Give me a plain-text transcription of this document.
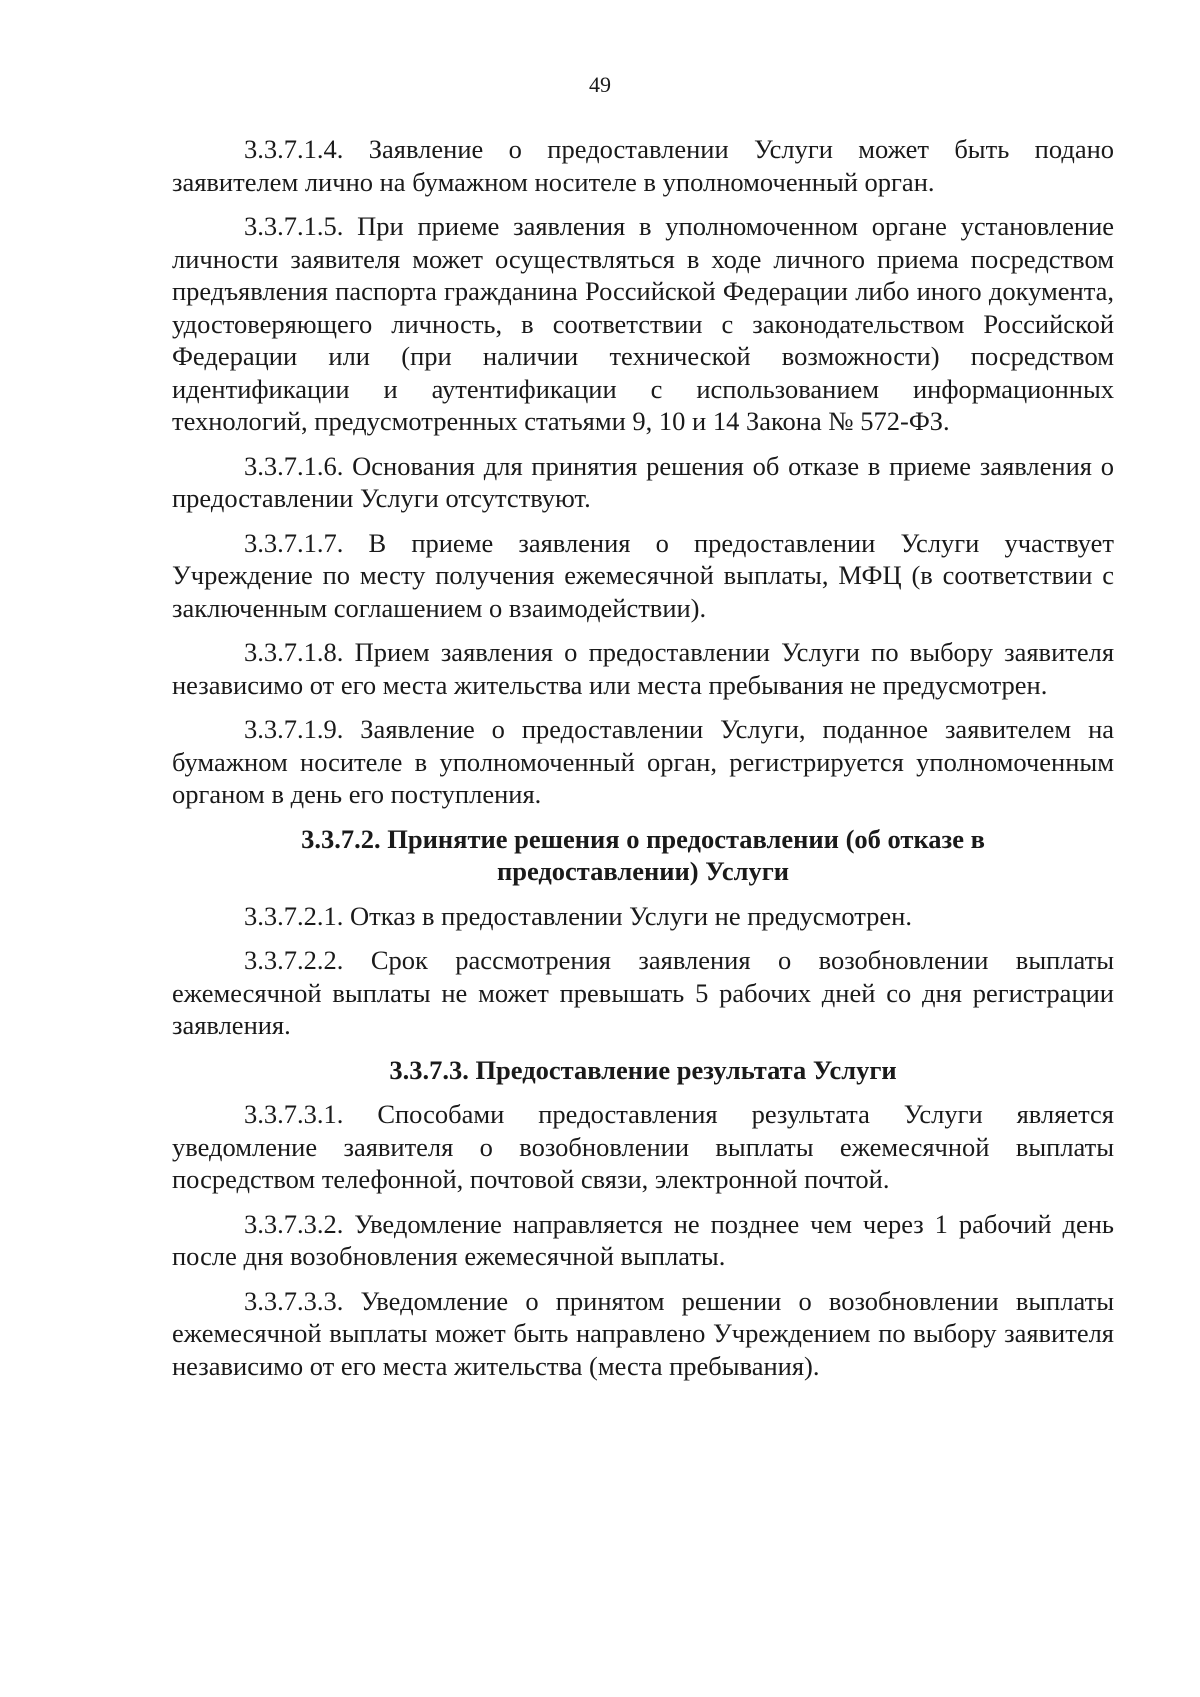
49

3.3.7.1.4. Заявление о предоставлении Услуги может быть подано заявителем лично на бумажном носителе в уполномоченный орган.

3.3.7.1.5. При приеме заявления в уполномоченном органе установление личности заявителя может осуществляться в ходе личного приема посредством предъявления паспорта гражданина Российской Федерации либо иного документа, удостоверяющего личность, в соответствии с законодательством Российской Федерации или (при наличии технической возможности) посредством идентификации и аутентификации с использованием информационных технологий, предусмотренных статьями 9, 10 и 14 Закона № 572-ФЗ.

3.3.7.1.6. Основания для принятия решения об отказе в приеме заявления о предоставлении Услуги отсутствуют.

3.3.7.1.7. В приеме заявления о предоставлении Услуги участвует Учреждение по месту получения ежемесячной выплаты, МФЦ (в соответствии с заключенным соглашением о взаимодействии).

3.3.7.1.8. Прием заявления о предоставлении Услуги по выбору заявителя независимо от его места жительства или места пребывания не предусмотрен.

3.3.7.1.9. Заявление о предоставлении Услуги, поданное заявителем на бумажном носителе в уполномоченный орган, регистрируется уполномоченным органом в день его поступления.

3.3.7.2. Принятие решения о предоставлении (об отказе в
предоставлении) Услуги

3.3.7.2.1. Отказ в предоставлении Услуги не предусмотрен.

3.3.7.2.2. Срок рассмотрения заявления о возобновлении выплаты ежемесячной выплаты не может превышать 5 рабочих дней со дня регистрации заявления.

3.3.7.3. Предоставление результата Услуги

3.3.7.3.1. Способами предоставления результата Услуги является уведомление заявителя о возобновлении выплаты ежемесячной выплаты посредством телефонной, почтовой связи, электронной почтой.

3.3.7.3.2. Уведомление направляется не позднее чем через 1 рабочий день после дня возобновления ежемесячной выплаты.

3.3.7.3.3. Уведомление о принятом решении о возобновлении выплаты ежемесячной выплаты может быть направлено Учреждением по выбору заявителя независимо от его места жительства (места пребывания).
